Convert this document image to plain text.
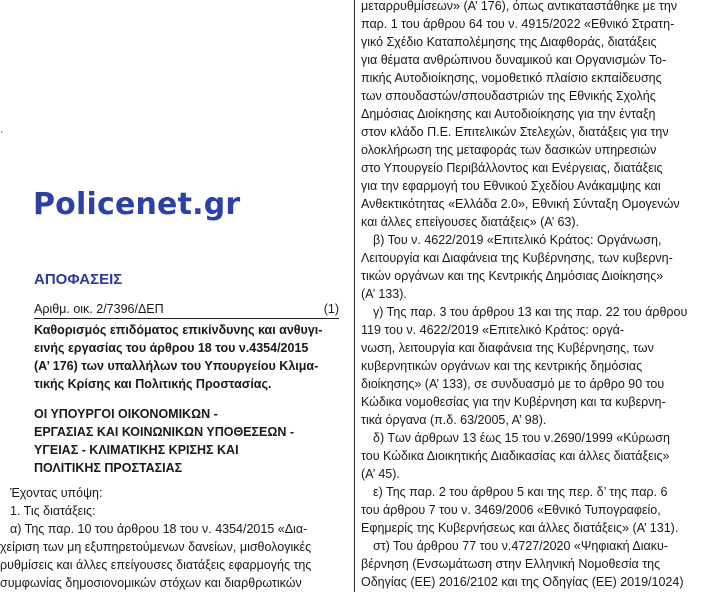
Policenet.gr
·
ΑΠΟΦΑΣΕΙΣ
Αριθμ. οικ. 2/7396/ΔΕΠ	(1)
Καθορισμός επιδόματος επικίνδυνης και ανθυγι-
εινής εργασίας του άρθρου 18 του ν.4354/2015
(Α’ 176) των υπαλλήλων του Υπουργείου Κλιμα-
τικής Κρίσης και Πολιτικής Προστασίας.
ΟΙ ΥΠΟΥΡΓΟΙ ΟΙΚΟΝΟΜΙΚΩΝ -
ΕΡΓΑΣΙΑΣ ΚΑΙ ΚΟΙΝΩΝΙΚΩΝ ΥΠΟΘΕΣΕΩΝ -
ΥΓΕΙΑΣ - ΚΛΙΜΑΤΙΚΗΣ ΚΡΙΣΗΣ ΚΑΙ
ΠΟΛΙΤΙΚΗΣ ΠΡΟΣΤΑΣΙΑΣ
Έχοντας υπόψη:
1. Τις διατάξεις:
α) Της παρ. 10 του άρθρου 18 του ν. 4354/2015 «Δια-
χείριση των μη εξυπηρετούμενων δανείων, μισθολογικές
ρυθμίσεις και άλλες επείγουσες διατάξεις εφαρμογής της
συμφωνίας δημοσιονομικών στόχων και διαρθρωτικών
μεταρρυθμίσεων» (Α’ 176), όπως αντικαταστάθηκε με την
παρ. 1 του άρθρου 64 του ν. 4915/2022 «Εθνικό Στρατη-
γικό Σχέδιο Καταπολέμησης της Διαφθοράς, διατάξεις
για θέματα ανθρώπινου δυναμικού και Οργανισμών Το-
πικής Αυτοδιοίκησης, νομοθετικό πλαίσιο εκπαίδευσης
των σπουδαστών/σπουδαστριών της Εθνικής Σχολής
Δημόσιας Διοίκησης και Αυτοδιοίκησης για την ένταξη
στον κλάδο Π.Ε. Επιτελικών Στελεχών, διατάξεις για την
ολοκλήρωση της μεταφοράς των δασικών υπηρεσιών
στο Υπουργείο Περιβάλλοντος και Ενέργειας, διατάξεις
για την εφαρμογή του Εθνικού Σχεδίου Ανάκαμψης και
Ανθεκτικότητας «Ελλάδα 2.0», Εθνική Σύνταξη Ομογενών
και άλλες επείγουσες διατάξεις» (Α’ 63).
β) Του ν. 4622/2019 «Επιτελικό Κράτος: Οργάνωση,
Λειτουργία και Διαφάνεια της Κυβέρνησης, των κυβερνη-
τικών οργάνων και της Κεντρικής Δημόσιας Διοίκησης»
(Α’ 133).
γ) Της παρ. 3 του άρθρου 13 και της παρ. 22 του άρθρου
119 του ν. 4622/2019 «Επιτελικό Κράτος: οργά-
νωση, λειτουργία και διαφάνεια της Κυβέρνησης, των
κυβερνητικών οργάνων και της κεντρικής δημόσιας
διοίκησης» (Α’ 133), σε συνδυασμό με το άρθρο 90 του
Κώδικα νομοθεσίας για την Κυβέρνηση και τα κυβερνη-
τικά όργανα (π.δ. 63/2005, Α’ 98).
δ) Των άρθρων 13 έως 15 του ν.2690/1999 «Κύρωση
του Κώδικα Διοικητικής Διαδικασίας και άλλες διατάξεις»
(Α’ 45).
ε) Της παρ. 2 του άρθρου 5 και της περ. δ’ της παρ. 6
του άρθρου 7 του ν. 3469/2006 «Εθνικό Τυπογραφείο,
Εφημερίς της Κυβερνήσεως και άλλες διατάξεις» (Α’ 131).
στ) Του άρθρου 77 του ν.4727/2020 «Ψηφιακή Διακυ-
βέρνηση (Ενσωμάτωση στην Ελληνική Νομοθεσία της
Οδηγίας (ΕΕ) 2016/2102 και της Οδηγίας (ΕΕ) 2019/1024)
